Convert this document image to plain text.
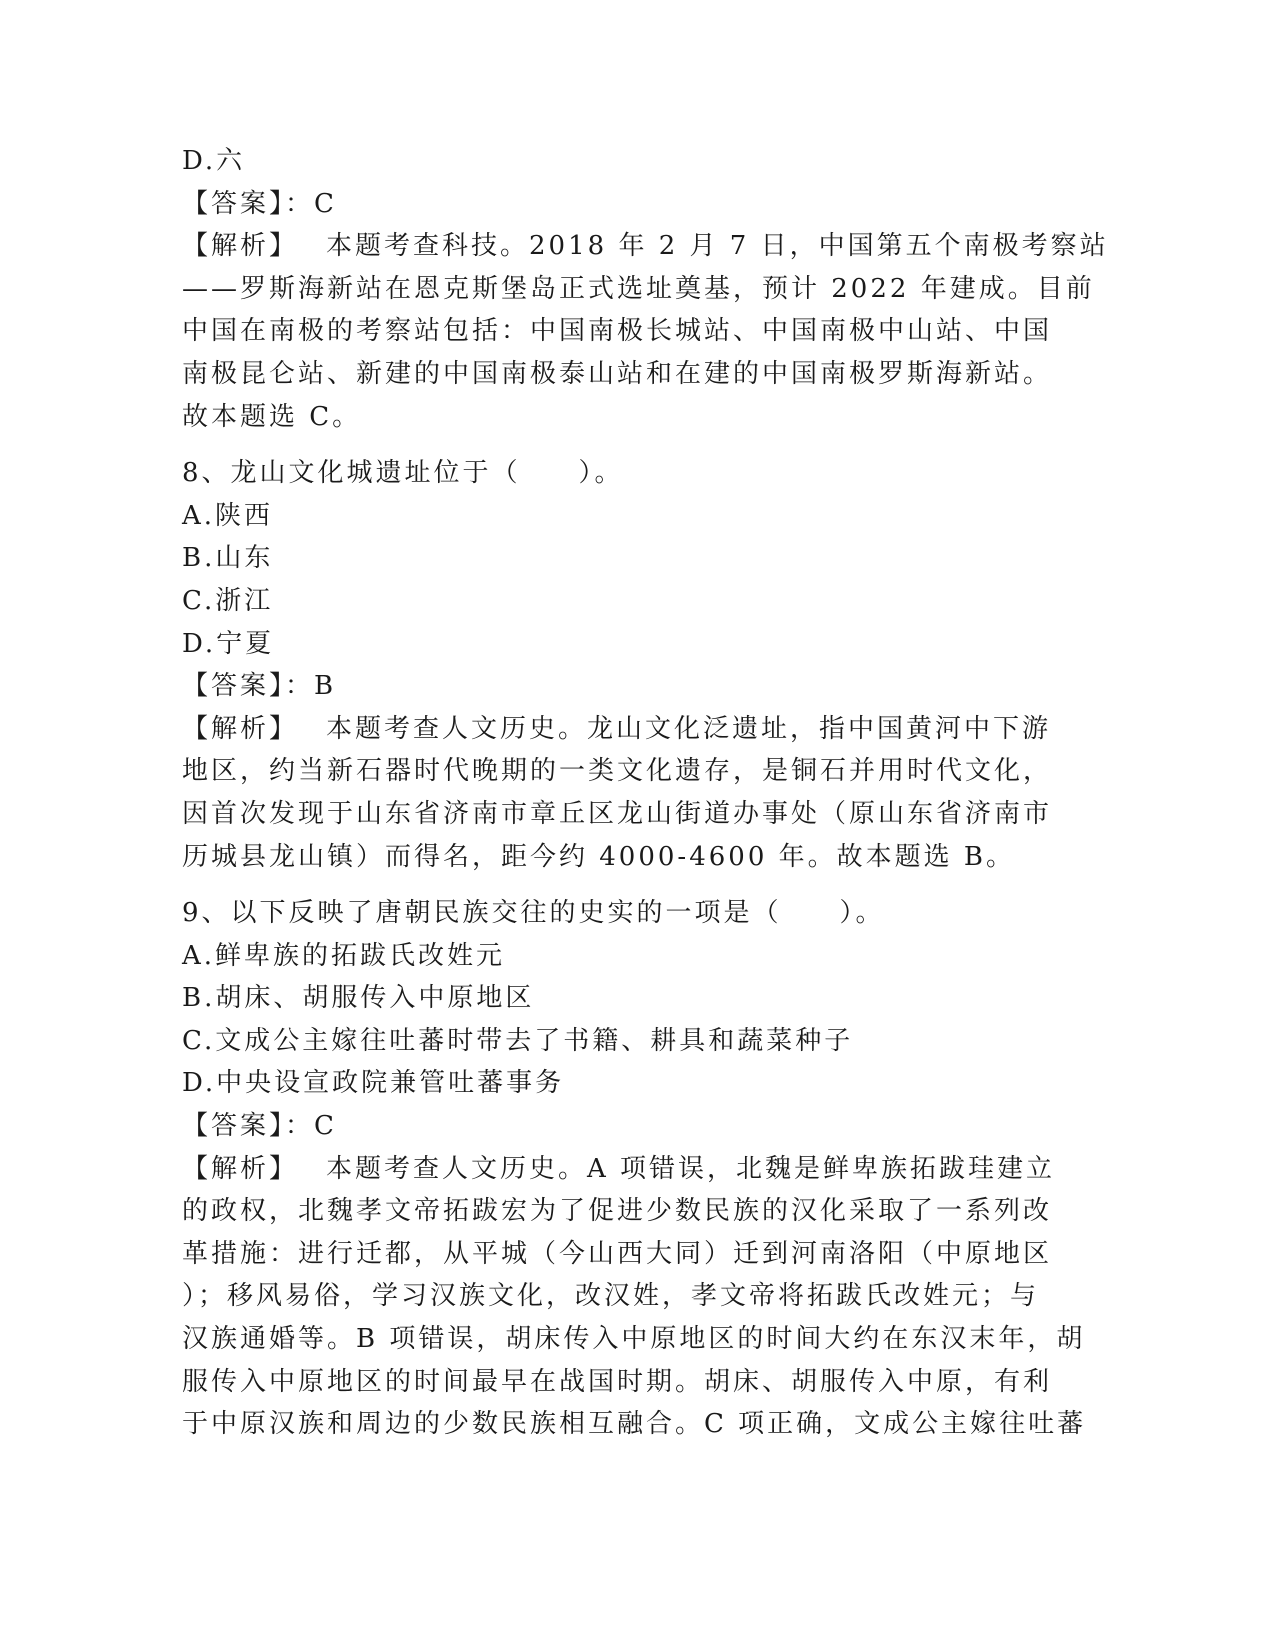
D.六
【答案】：C
【解析】 本题考查科技。2018 年 2 月 7 日，中国第五个南极考察站
——罗斯海新站在恩克斯堡岛正式选址奠基，预计 2022 年建成。目前
中国在南极的考察站包括：中国南极长城站、中国南极中山站、中国
南极昆仑站、新建的中国南极泰山站和在建的中国南极罗斯海新站。
故本题选 C。
8、龙山文化城遗址位于（　　）。
A.陕西
B.山东
C.浙江
D.宁夏
【答案】：B
【解析】 本题考查人文历史。龙山文化泛遗址，指中国黄河中下游
地区，约当新石器时代晚期的一类文化遗存，是铜石并用时代文化，
因首次发现于山东省济南市章丘区龙山街道办事处（原山东省济南市
历城县龙山镇）而得名，距今约 4000-4600 年。故本题选 B。
9、以下反映了唐朝民族交往的史实的一项是（　　）。
A.鲜卑族的拓跋氏改姓元
B.胡床、胡服传入中原地区
C.文成公主嫁往吐蕃时带去了书籍、耕具和蔬菜种子
D.中央设宣政院兼管吐蕃事务
【答案】：C
【解析】 本题考查人文历史。A 项错误，北魏是鲜卑族拓跋珪建立
的政权，北魏孝文帝拓跋宏为了促进少数民族的汉化采取了一系列改
革措施：进行迁都，从平城（今山西大同）迁到河南洛阳（中原地区
）；移风易俗，学习汉族文化，改汉姓，孝文帝将拓跋氏改姓元；与
汉族通婚等。B 项错误，胡床传入中原地区的时间大约在东汉末年，胡
服传入中原地区的时间最早在战国时期。胡床、胡服传入中原，有利
于中原汉族和周边的少数民族相互融合。C 项正确，文成公主嫁往吐蕃
